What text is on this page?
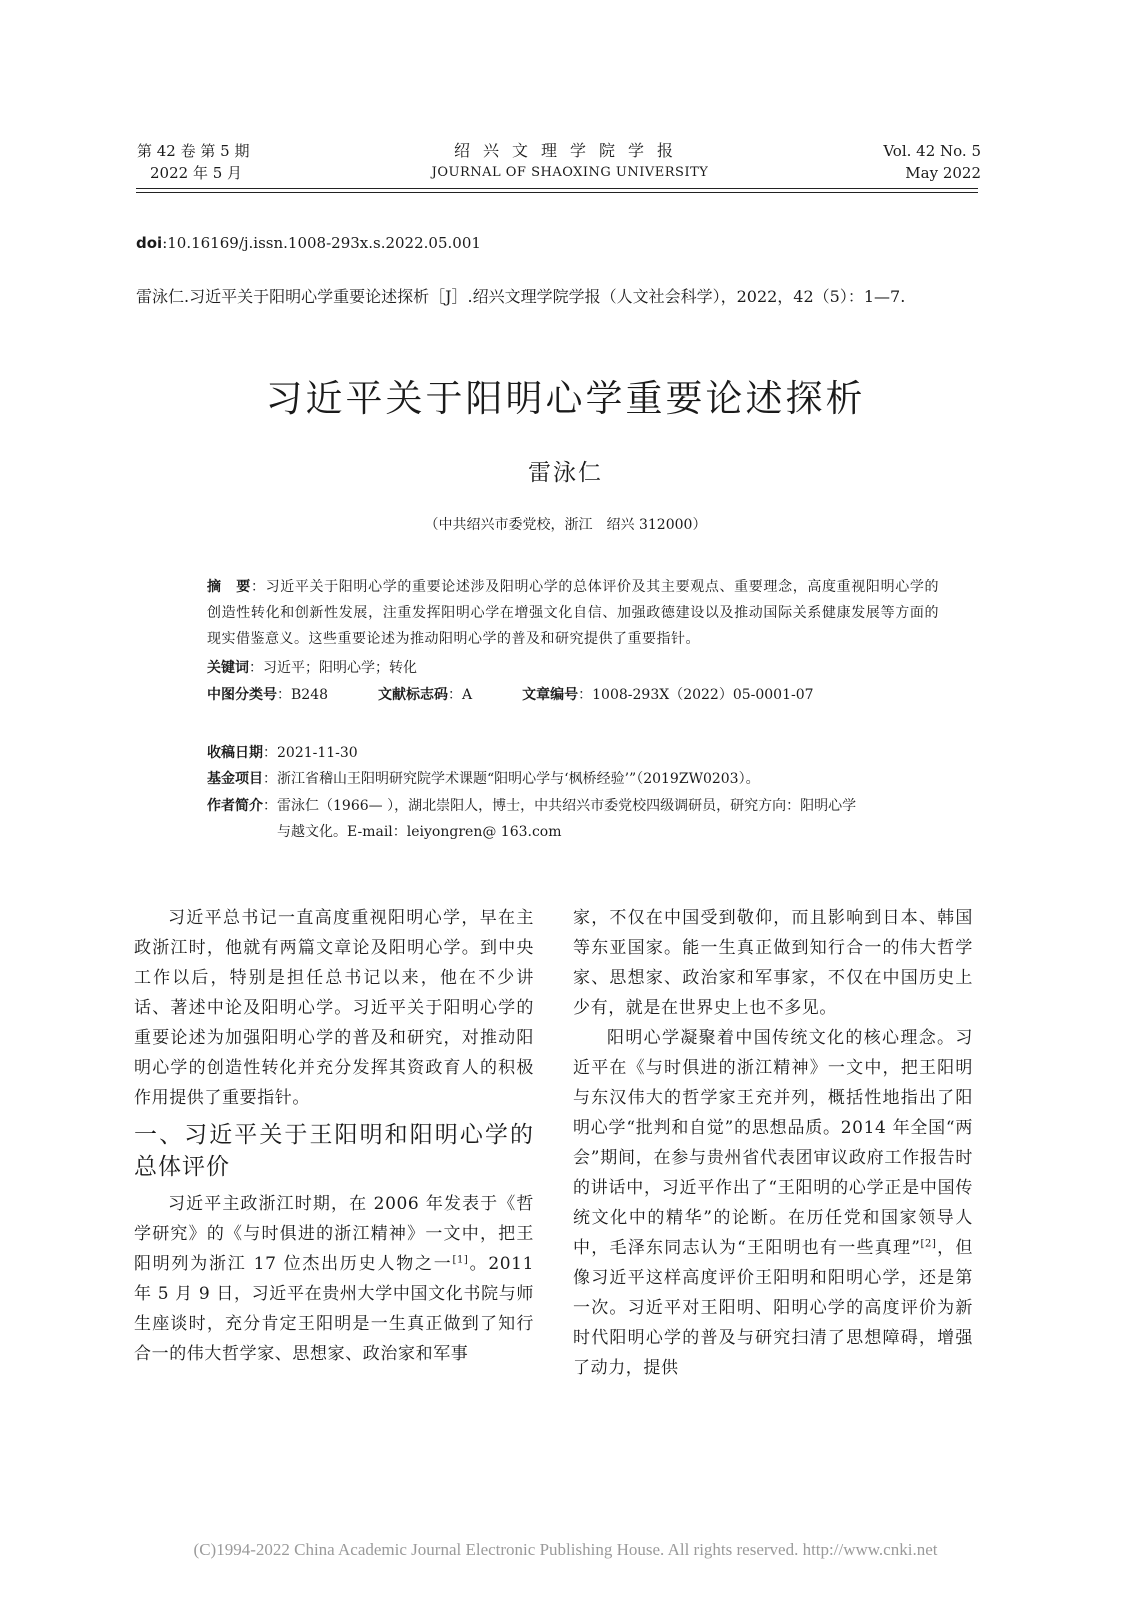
第 42 卷 第 5 期
2022 年 5 月
绍兴文理学院学报
JOURNAL OF SHAOXING UNIVERSITY
Vol. 42 No. 5
May 2022
doi:10.16169/j.issn.1008-293x.s.2022.05.001
雷泳仁.习近平关于阳明心学重要论述探析［J］.绍兴文理学院学报（人文社会科学），2022，42（5）：1—7.
习近平关于阳明心学重要论述探析
雷泳仁
（中共绍兴市委党校，浙江　绍兴 312000）
摘　要：习近平关于阳明心学的重要论述涉及阳明心学的总体评价及其主要观点、重要理念，高度重视阳明心学的创造性转化和创新性发展，注重发挥阳明心学在增强文化自信、加强政德建设以及推动国际关系健康发展等方面的现实借鉴意义。这些重要论述为推动阳明心学的普及和研究提供了重要指针。
关键词：习近平；阳明心学；转化
中图分类号：B248	文献标志码：A	文章编号：1008-293X（2022）05-0001-07
收稿日期：2021-11-30
基金项目：浙江省稽山王阳明研究院学术课题“阳明心学与‘枫桥经验’”（2019ZW0203）。
作者简介：雷泳仁（1966— ），湖北崇阳人，博士，中共绍兴市委党校四级调研员，研究方向：阳明心学
与越文化。E-mail：leiyongren@ 163.com

习近平总书记一直高度重视阳明心学，早在主政浙江时，他就有两篇文章论及阳明心学。到中央工作以后，特别是担任总书记以来，他在不少讲话、著述中论及阳明心学。习近平关于阳明心学的重要论述为加强阳明心学的普及和研究，对推动阳明心学的创造性转化并充分发挥其资政育人的积极作用提供了重要指针。

一、习近平关于王阳明和阳明心学的总体评价

习近平主政浙江时期，在 2006 年发表于《哲学研究》的《与时俱进的浙江精神》一文中，把王阳明列为浙江 17 位杰出历史人物之一[1]。2011 年 5 月 9 日，习近平在贵州大学中国文化书院与师生座谈时，充分肯定王阳明是一生真正做到了知行合一的伟大哲学家、思想家、政治家和军事

家，不仅在中国受到敬仰，而且影响到日本、韩国等东亚国家。能一生真正做到知行合一的伟大哲学家、思想家、政治家和军事家，不仅在中国历史上少有，就是在世界史上也不多见。

阳明心学凝聚着中国传统文化的核心理念。习近平在《与时俱进的浙江精神》一文中，把王阳明与东汉伟大的哲学家王充并列，概括性地指出了阳明心学“批判和自觉”的思想品质。2014 年全国“两会”期间，在参与贵州省代表团审议政府工作报告时的讲话中，习近平作出了“王阳明的心学正是中国传统文化中的精华”的论断。在历任党和国家领导人中，毛泽东同志认为“王阳明也有一些真理”[2]，但像习近平这样高度评价王阳明和阳明心学，还是第一次。习近平对王阳明、阳明心学的高度评价为新时代阳明心学的普及与研究扫清了思想障碍，增强了动力，提供

(C)1994-2022 China Academic Journal Electronic Publishing House. All rights reserved. http://www.cnki.net
